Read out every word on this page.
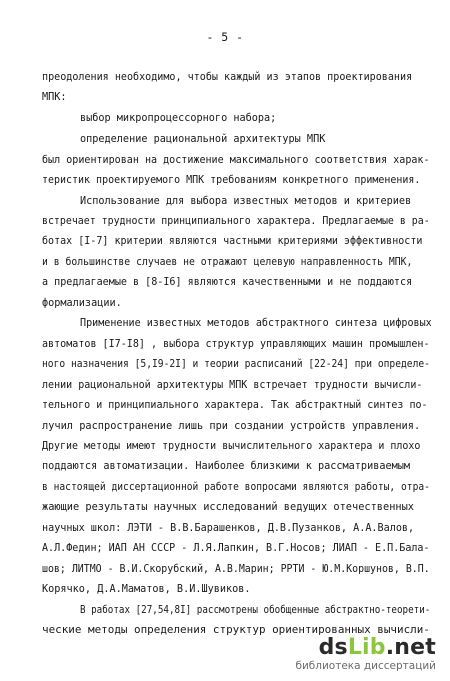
- 5 -
преодоления необходимо, чтобы каждый из этапов проектирования
МПК:
выбор микропроцессорного набора;
определение рациональной архитектуры МПК
был ориентирован на достижение максимального соответствия харак-
теристик проектируемого МПК требованиям конкретного применения.
Использование для выбора известных методов и критериев
встречает трудности принципиального характера. Предлагаемые в ра-
ботах [I-7] критерии являются частными критериями эффективности
и в большинстве случаев не отражают целевую направленность МПК,
а предлагаемые в [8-I6] являются качественными и не поддаются
формализации.
Применение известных методов абстрактного синтеза цифровых
автоматов [I7-I8] , выбора структур управляющих машин промышлен-
ного назначения [5,I9-2I] и теории расписаний [22-24] при определе-
лении рациональной архитектуры МПК встречает трудности вычисли-
тельного и принципиального характера. Так абстрактный синтез по-
лучил распространение лишь при создании устройств управления.
Другие методы имеют трудности вычислительного характера и плохо
поддаются автоматизации. Наиболее близкими к рассматриваемым
в настоящей диссертационной работе вопросами являются работы, отра-
жающие результаты научных исследований ведущих отечественных
научных школ: ЛЭТИ - В.В.Барашенков, Д.В.Пузанков, А.А.Валов,
А.Л.Федин; ИАП АН СССР - Л.Я.Лапкин, В.Г.Носов; ЛИАП - Е.П.Бала-
шов; ЛИТМО - В.И.Скорубский, А.В.Марин; РРТИ - Ю.М.Коршунов, В.П.
Корячко, Д.А.Маматов, В.И.Шувиков.
В работах [27,54,8I] рассмотрены обобщенные абстрактно-теорети-
ческие методы определения структур ориентированных вычисли-
dsLib.net
библиотека диссертаций
